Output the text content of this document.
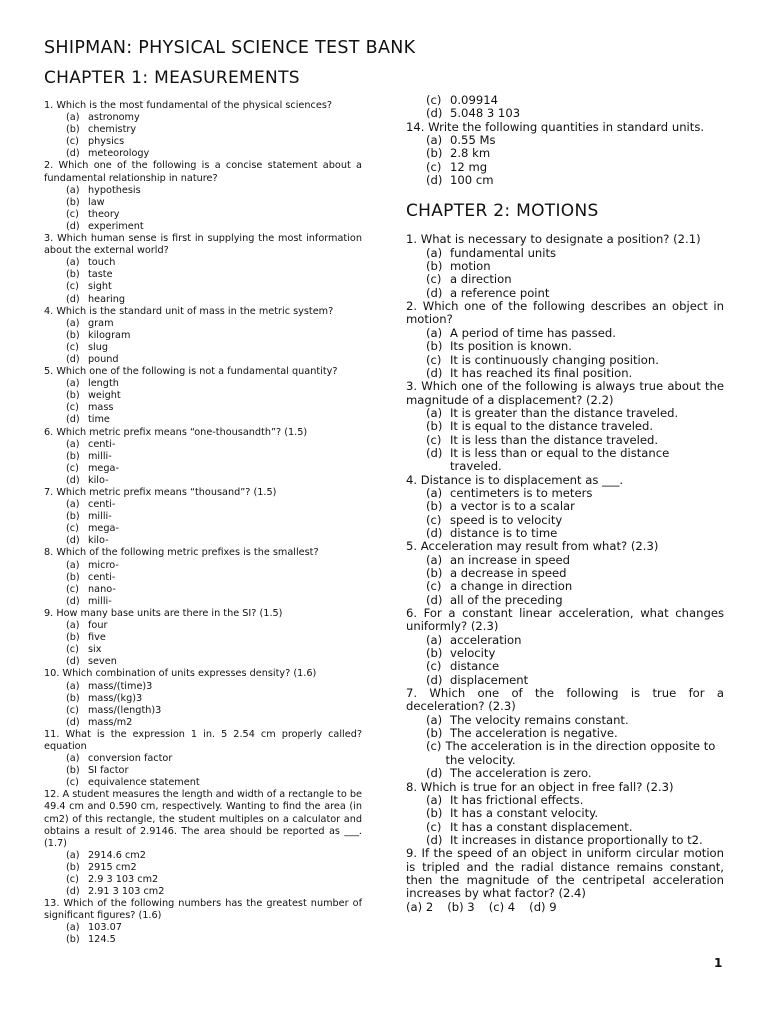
SHIPMAN: PHYSICAL SCIENCE TEST BANK
CHAPTER 1: MEASUREMENTS
1. Which is the most fundamental of the physical sciences?
(a) astronomy
(b) chemistry
(c) physics
(d) meteorology
2. Which one of the following is a concise statement about a fundamental relationship in nature?
(a) hypothesis
(b) law
(c) theory
(d) experiment
3. Which human sense is first in supplying the most information about the external world?
(a) touch
(b) taste
(c) sight
(d) hearing
4. Which is the standard unit of mass in the metric system?
(a) gram
(b) kilogram
(c) slug
(d) pound
5. Which one of the following is not a fundamental quantity?
(a) length
(b) weight
(c) mass
(d) time
6. Which metric prefix means “one-thousandth”? (1.5)
(a) centi-
(b) milli-
(c) mega-
(d) kilo-
7. Which metric prefix means “thousand”? (1.5)
(a) centi-
(b) milli-
(c) mega-
(d) kilo-
8. Which of the following metric prefixes is the smallest?
(a) micro-
(b) centi-
(c) nano-
(d) milli-
9. How many base units are there in the SI? (1.5)
(a) four
(b) five
(c) six
(d) seven
10. Which combination of units expresses density? (1.6)
(a) mass/(time)3
(b) mass/(kg)3
(c) mass/(length)3
(d) mass/m2
11. What is the expression 1 in. 5 2.54 cm properly called? equation
(a) conversion factor
(b) SI factor
(c) equivalence statement
12. A student measures the length and width of a rectangle to be 49.4 cm and 0.590 cm, respectively. Wanting to find the area (in cm2) of this rectangle, the student multiples on a calculator and obtains a result of 2.9146. The area should be reported as ___. (1.7)
(a) 2914.6 cm2
(b) 2915 cm2
(c) 2.9 3 103 cm2
(d) 2.91 3 103 cm2
13. Which of the following numbers has the greatest number of significant figures? (1.6)
(a) 103.07
(b) 124.5
(c) 0.09914
(d) 5.048 3 103
14. Write the following quantities in standard units.
(a) 0.55 Ms
(b) 2.8 km
(c) 12 mg
(d) 100 cm
CHAPTER 2: MOTIONS
1. What is necessary to designate a position? (2.1)
(a) fundamental units
(b) motion
(c) a direction
(d) a reference point
2. Which one of the following describes an object in motion?
(a) A period of time has passed.
(b) Its position is known.
(c) It is continuously changing position.
(d) It has reached its final position.
3. Which one of the following is always true about the magnitude of a displacement? (2.2)
(a) It is greater than the distance traveled.
(b) It is equal to the distance traveled.
(c) It is less than the distance traveled.
(d) It is less than or equal to the distance traveled.
4. Distance is to displacement as ___.
(a) centimeters is to meters
(b) a vector is to a scalar
(c) speed is to velocity
(d) distance is to time
5. Acceleration may result from what? (2.3)
(a) an increase in speed
(b) a decrease in speed
(c) a change in direction
(d) all of the preceding
6. For a constant linear acceleration, what changes uniformly? (2.3)
(a) acceleration
(b) velocity
(c) distance
(d) displacement
7. Which one of the following is true for a deceleration? (2.3)
(a) The velocity remains constant.
(b) The acceleration is negative.
(c) The acceleration is in the direction opposite to the velocity.
(d) The acceleration is zero.
8. Which is true for an object in free fall? (2.3)
(a) It has frictional effects.
(b) It has a constant velocity.
(c) It has a constant displacement.
(d) It increases in distance proportionally to t2.
9. If the speed of an object in uniform circular motion is tripled and the radial distance remains constant, then the magnitude of the centripetal acceleration increases by what factor? (2.4)
(a) 2 (b) 3 (c) 4 (d) 9
1
